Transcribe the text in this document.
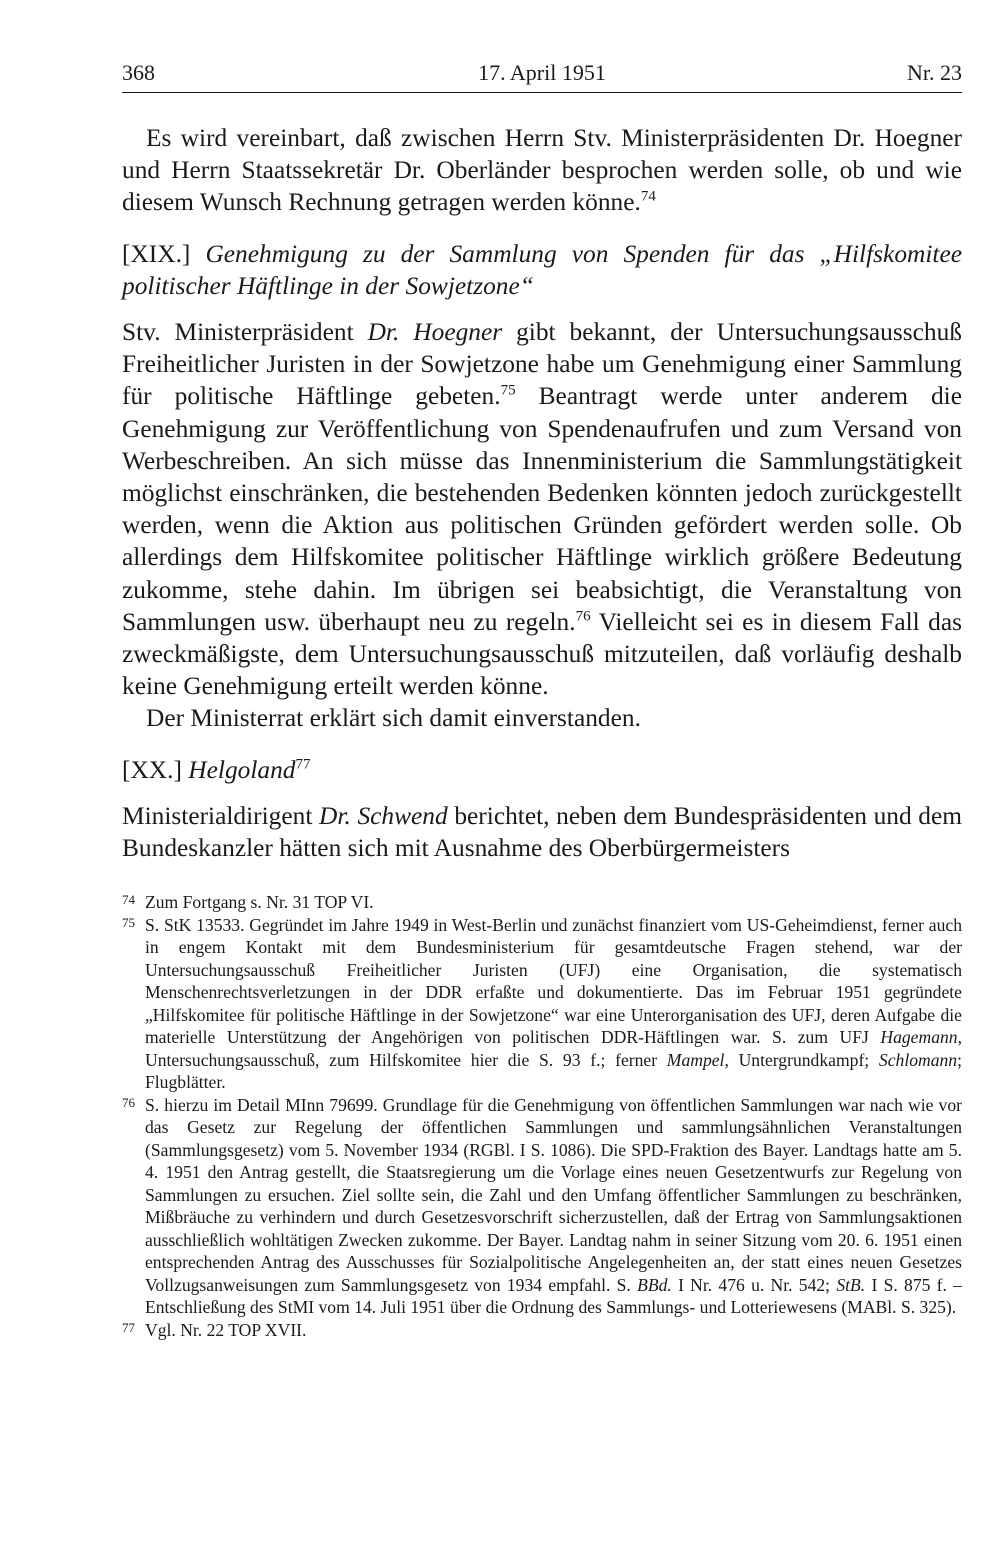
368	17. April 1951	Nr. 23

Es wird vereinbart, daß zwischen Herrn Stv. Ministerpräsidenten Dr. Hoegner und Herrn Staatssekretär Dr. Oberländer besprochen werden solle, ob und wie diesem Wunsch Rechnung getragen werden könne.$^{74}$

[XIX.] Genehmigung zu der Sammlung von Spenden für das „Hilfskomitee politischer Häftlinge in der Sowjetzone“

Stv. Ministerpräsident Dr. Hoegner gibt bekannt, der Untersuchungsausschuß Freiheitlicher Juristen in der Sowjetzone habe um Genehmigung einer Sammlung für politische Häftlinge gebeten.$^{75}$ Beantragt werde unter anderem die Genehmigung zur Veröffentlichung von Spendenaufrufen und zum Versand von Werbeschreiben. An sich müsse das Innenministerium die Sammlungstätigkeit möglichst einschränken, die bestehenden Bedenken könnten jedoch zurückgestellt werden, wenn die Aktion aus politischen Gründen gefördert werden solle. Ob allerdings dem Hilfskomitee politischer Häftlinge wirklich größere Bedeutung zukomme, stehe dahin. Im übrigen sei beabsichtigt, die Veranstaltung von Sammlungen usw. überhaupt neu zu regeln.$^{76}$ Vielleicht sei es in diesem Fall das zweckmäßigste, dem Untersuchungsausschuß mitzuteilen, daß vorläufig deshalb keine Genehmigung erteilt werden könne.

Der Ministerrat erklärt sich damit einverstanden.

[XX.] Helgoland$^{77}$

Ministerialdirigent Dr. Schwend berichtet, neben dem Bundespräsidenten und dem Bundeskanzler hätten sich mit Ausnahme des Oberbürgermeisters

74 Zum Fortgang s. Nr. 31 TOP VI.

75 S. StK 13533. Gegründet im Jahre 1949 in West-Berlin und zunächst finanziert vom US-Geheimdienst, ferner auch in engem Kontakt mit dem Bundesministerium für gesamtdeutsche Fragen stehend, war der Untersuchungsausschuß Freiheitlicher Juristen (UFJ) eine Organisation, die systematisch Menschenrechtsverletzungen in der DDR erfaßte und dokumentierte. Das im Februar 1951 gegründete „Hilfskomitee für politische Häftlinge in der Sowjetzone“ war eine Unterorganisation des UFJ, deren Aufgabe die materielle Unterstützung der Angehörigen von politischen DDR-Häftlingen war. S. zum UFJ Hagemann, Untersuchungsausschuß, zum Hilfskomitee hier die S. 93 f.; ferner Mampel, Untergrundkampf; Schlomann; Flugblätter.

76 S. hierzu im Detail MInn 79699. Grundlage für die Genehmigung von öffentlichen Sammlungen war nach wie vor das Gesetz zur Regelung der öffentlichen Sammlungen und sammlungsähnlichen Veranstaltungen (Sammlungsgesetz) vom 5. November 1934 (RGBl. I S. 1086). Die SPD-Fraktion des Bayer. Landtags hatte am 5. 4. 1951 den Antrag gestellt, die Staatsregierung um die Vorlage eines neuen Gesetzentwurfs zur Regelung von Sammlungen zu ersuchen. Ziel sollte sein, die Zahl und den Umfang öffentlicher Sammlungen zu beschränken, Mißbräuche zu verhindern und durch Gesetzesvorschrift sicherzustellen, daß der Ertrag von Sammlungsaktionen ausschließlich wohltätigen Zwecken zukomme. Der Bayer. Landtag nahm in seiner Sitzung vom 20. 6. 1951 einen entsprechenden Antrag des Ausschusses für Sozialpolitische Angelegenheiten an, der statt eines neuen Gesetzes Vollzugsanweisungen zum Sammlungsgesetz von 1934 empfahl. S. BBd. I Nr. 476 u. Nr. 542; StB. I S. 875 f. – Entschließung des StMI vom 14. Juli 1951 über die Ordnung des Sammlungs- und Lotteriewesens (MABl. S. 325).

77 Vgl. Nr. 22 TOP XVII.
